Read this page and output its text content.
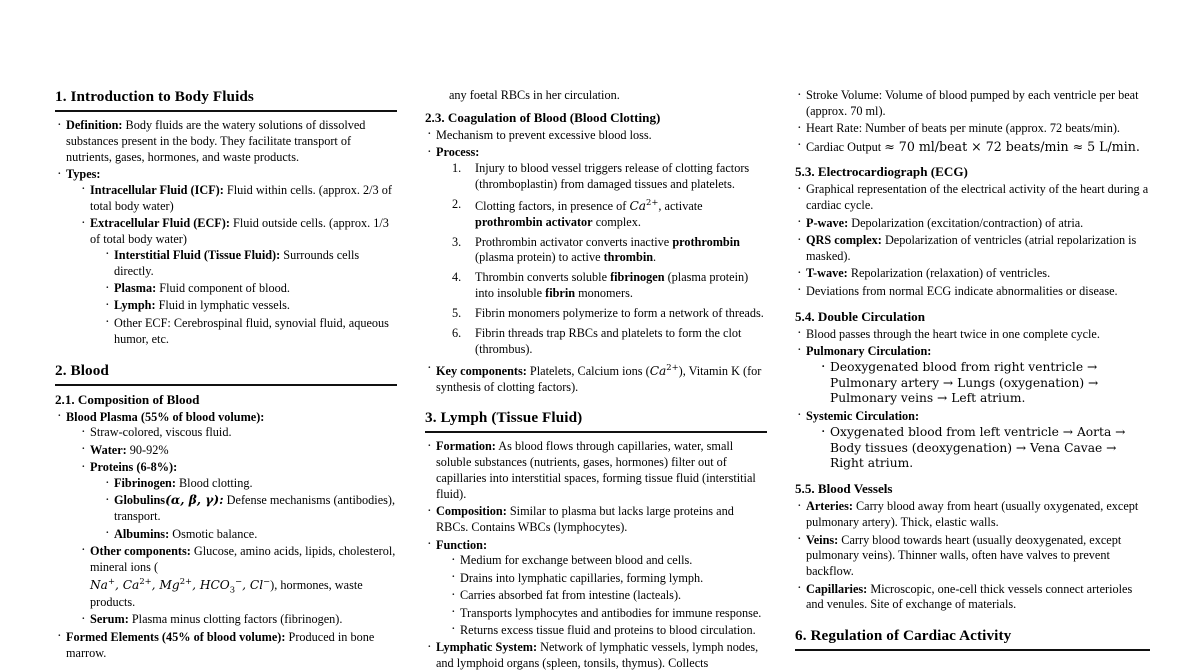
1. Introduction to Body Fluids
· Definition: Body fluids are the watery solutions of dissolved substances present in the body. They facilitate transport of nutrients, gases, hormones, and waste products.
· Types:
· Intracellular Fluid (ICF): Fluid within cells. (approx. 2/3 of total body water)
· Extracellular Fluid (ECF): Fluid outside cells. (approx. 1/3 of total body water)
· Interstitial Fluid (Tissue Fluid): Surrounds cells directly.
· Plasma: Fluid component of blood.
· Lymph: Fluid in lymphatic vessels.
· Other ECF: Cerebrospinal fluid, synovial fluid, aqueous humor, etc.
2. Blood
2.1. Composition of Blood
· Blood Plasma (55% of blood volume):
· Straw-colored, viscous fluid.
· Water: 90-92%
· Proteins (6-8%):
· Fibrinogen: Blood clotting.
· Globulins(α, β, γ): Defense mechanisms (antibodies), transport.
· Albumins: Osmotic balance.
· Other components: Glucose, amino acids, lipids, cholesterol, mineral ions (
Na+, $Ca^{2+}$, $Mg^{2+}$, $HCO_3^-$, Cl−), hormones, waste products.
· Serum: Plasma minus clotting factors (fibrinogen).
· Formed Elements (45% of blood volume): Produced in bone marrow.
any foetal RBCs in her circulation.
2.3. Coagulation of Blood (Blood Clotting)
· Mechanism to prevent excessive blood loss.
· Process:
Injury to blood vessel triggers release of clotting factors (thromboplastin) from damaged tissues and platelets.
Clotting factors, in presence of $Ca^{2+}$, activate prothrombin activator complex.
Prothrombin activator converts inactive prothrombin (plasma protein) to active thrombin.
Thrombin converts soluble fibrinogen (plasma protein) into insoluble fibrin monomers.
Fibrin monomers polymerize to form a network of threads.
Fibrin threads trap RBCs and platelets to form the clot (thrombus).
· Key components: Platelets, Calcium ions $(Ca^{2+})$, Vitamin K (for synthesis of clotting factors).
3. Lymph (Tissue Fluid)
· Formation: As blood flows through capillaries, water, small soluble substances (nutrients, gases, hormones) filter out of capillaries into interstitial spaces, forming tissue fluid (interstitial fluid).
· Composition: Similar to plasma but lacks large proteins and RBCs. Contains WBCs (lymphocytes).
· Function:
· Medium for exchange between blood and cells.
· Drains into lymphatic capillaries, forming lymph.
· Carries absorbed fat from intestine (lacteals).
· Transports lymphocytes and antibodies for immune response.
· Returns excess tissue fluid and proteins to blood circulation.
· Lymphatic System: Network of lymphatic vessels, lymph nodes, and lymphoid organs (spleen, tonsils, thymus). Collects
· Stroke Volume: Volume of blood pumped by each ventricle per beat (approx. 70 ml).
· Heart Rate: Number of beats per minute (approx. 72 beats/min).
· Cardiac Output ≈ 70 ml/beat × 72 beats/min ≈ 5 L/min.
5.3. Electrocardiograph (ECG)
· Graphical representation of the electrical activity of the heart during a cardiac cycle.
· P-wave: Depolarization (excitation/contraction) of atria.
· QRS complex: Depolarization of ventricles (atrial repolarization is masked).
· T-wave: Repolarization (relaxation) of ventricles.
· Deviations from normal ECG indicate abnormalities or disease.
5.4. Double Circulation
· Blood passes through the heart twice in one complete cycle.
· Pulmonary Circulation:
· Deoxygenated blood from right ventricle → Pulmonary artery → Lungs (oxygenation) → Pulmonary veins → Left atrium.
· Systemic Circulation:
· Oxygenated blood from left ventricle → Aorta → Body tissues (deoxygenation) → Vena Cavae → Right atrium.
5.5. Blood Vessels
· Arteries: Carry blood away from heart (usually oxygenated, except pulmonary artery). Thick, elastic walls.
· Veins: Carry blood towards heart (usually deoxygenated, except pulmonary veins). Thinner walls, often have valves to prevent backflow.
· Capillaries: Microscopic, one-cell thick vessels connect arterioles and venules. Site of exchange of materials.
6. Regulation of Cardiac Activity
